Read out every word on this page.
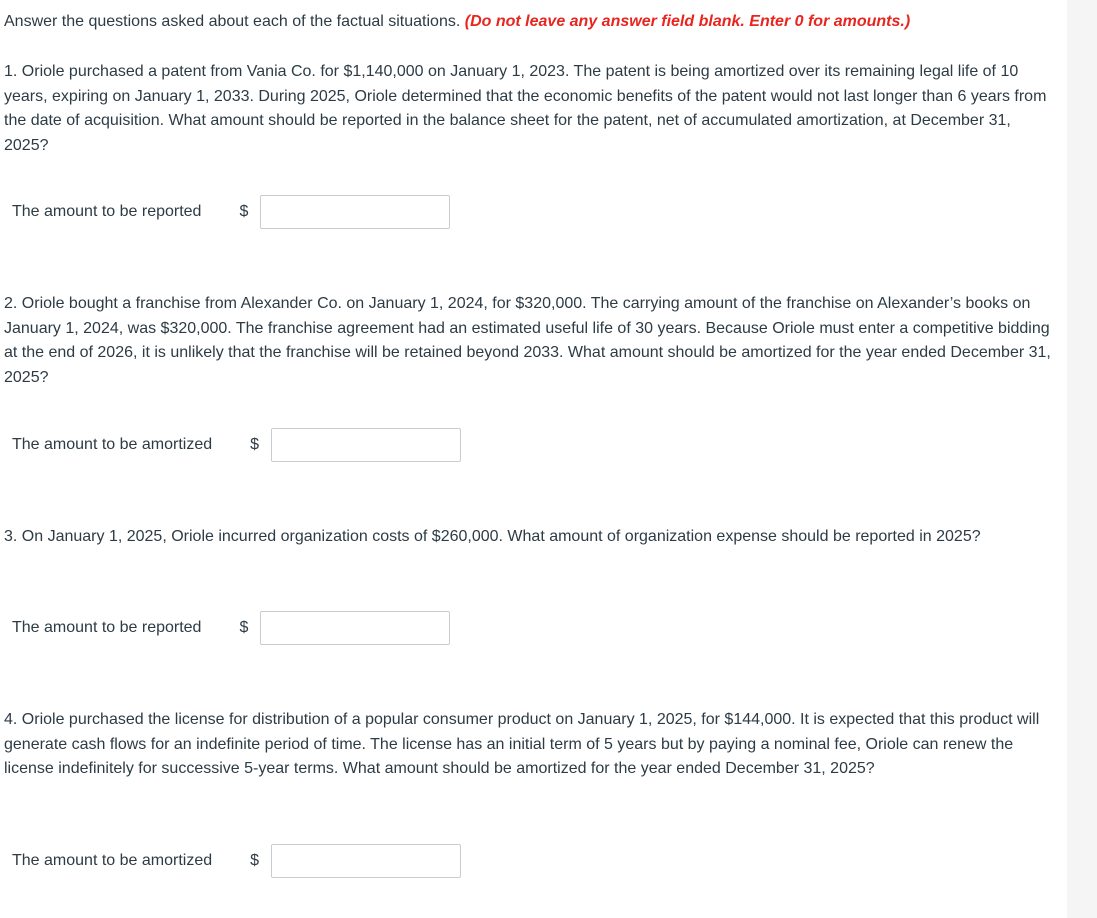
Answer the questions asked about each of the factual situations. (Do not leave any answer field blank. Enter 0 for amounts.)

1. Oriole purchased a patent from Vania Co. for $1,140,000 on January 1, 2023. The patent is being amortized over its remaining legal life of 10 years, expiring on January 1, 2033. During 2025, Oriole determined that the economic benefits of the patent would not last longer than 6 years from the date of acquisition. What amount should be reported in the balance sheet for the patent, net of accumulated amortization, at December 31, 2025?

The amount to be reported $

2. Oriole bought a franchise from Alexander Co. on January 1, 2024, for $320,000. The carrying amount of the franchise on Alexander’s books on January 1, 2024, was $320,000. The franchise agreement had an estimated useful life of 30 years. Because Oriole must enter a competitive bidding at the end of 2026, it is unlikely that the franchise will be retained beyond 2033. What amount should be amortized for the year ended December 31, 2025?

The amount to be amortized $

3. On January 1, 2025, Oriole incurred organization costs of $260,000. What amount of organization expense should be reported in 2025?

The amount to be reported $

4. Oriole purchased the license for distribution of a popular consumer product on January 1, 2025, for $144,000. It is expected that this product will generate cash flows for an indefinite period of time. The license has an initial term of 5 years but by paying a nominal fee, Oriole can renew the license indefinitely for successive 5-year terms. What amount should be amortized for the year ended December 31, 2025?

The amount to be amortized $
